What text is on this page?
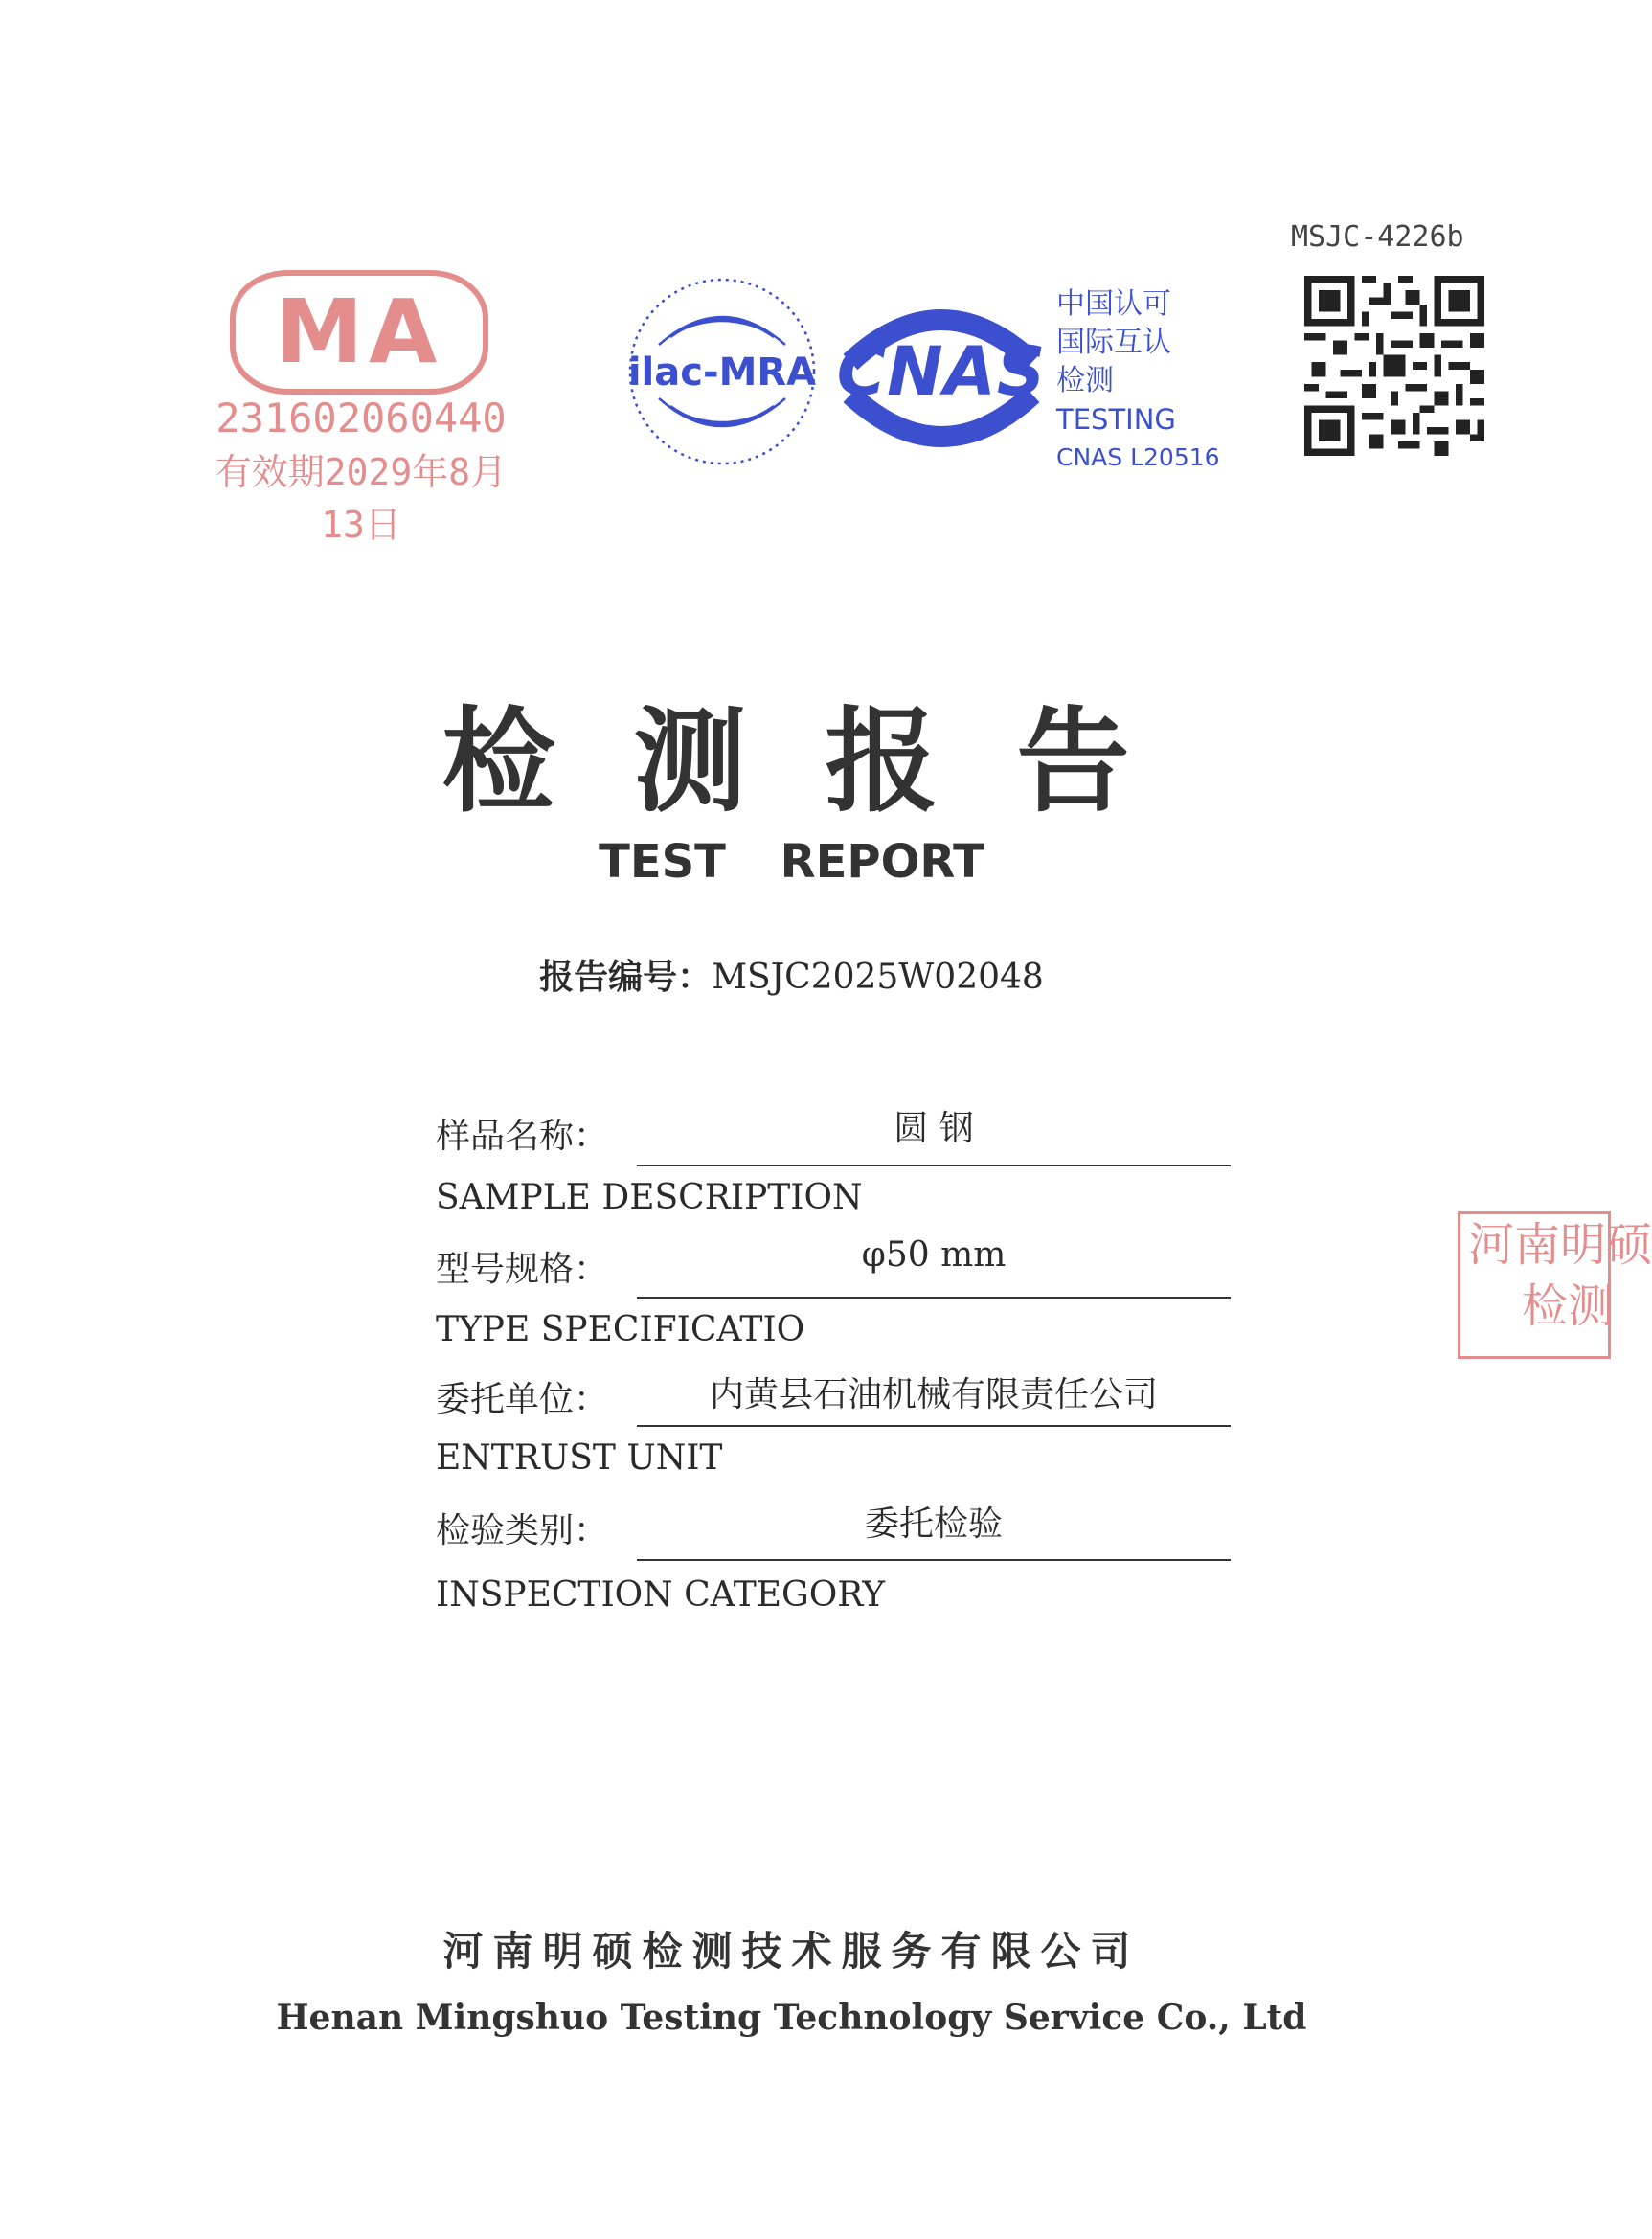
MSJC-4226b
MA
231602060440
有效期2029年8月13日
ilac-MRA CNAS
中国认可
国际互认
检测
TESTING
CNAS L20516
检测报告
TEST REPORT
报告编号：MSJC2025W02048
样品名称：	圆 钢
SAMPLE DESCRIPTION
型号规格：	φ50 mm
TYPE SPECIFICATIO
委托单位：	内黄县石油机械有限责任公司
ENTRUST UNIT
检验类别：	委托检验
INSPECTION CATEGORY
河南明硕
检测
河南明硕检测技术服务有限公司
Henan Mingshuo Testing Technology Service Co., Ltd
